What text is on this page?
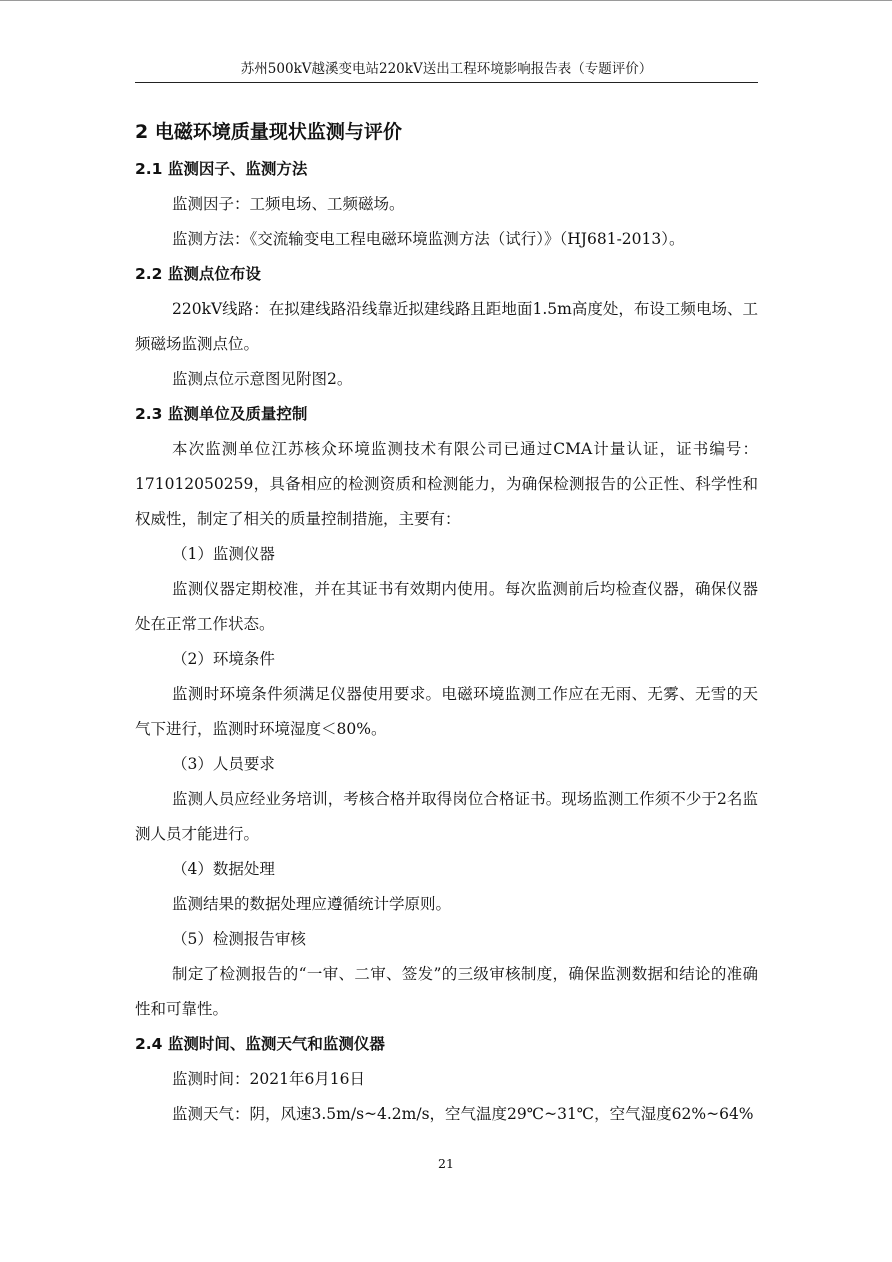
苏州500kV越溪变电站220kV送出工程环境影响报告表（专题评价）
2 电磁环境质量现状监测与评价
2.1 监测因子、监测方法

监测因子：工频电场、工频磁场。

监测方法：《交流输变电工程电磁环境监测方法（试行）》（HJ681-2013）。

2.2 监测点位布设

220kV线路：在拟建线路沿线靠近拟建线路且距地面1.5m高度处，布设工频电场、工频磁场监测点位。

监测点位示意图见附图2。

2.3 监测单位及质量控制

本次监测单位江苏核众环境监测技术有限公司已通过CMA计量认证，证书编号：171012050259，具备相应的检测资质和检测能力，为确保检测报告的公正性、科学性和权威性，制定了相关的质量控制措施，主要有：

（1）监测仪器

监测仪器定期校准，并在其证书有效期内使用。每次监测前后均检查仪器，确保仪器处在正常工作状态。

（2）环境条件

监测时环境条件须满足仪器使用要求。电磁环境监测工作应在无雨、无雾、无雪的天气下进行，监测时环境湿度＜80%。

（3）人员要求

监测人员应经业务培训，考核合格并取得岗位合格证书。现场监测工作须不少于2名监测人员才能进行。

（4）数据处理

监测结果的数据处理应遵循统计学原则。

（5）检测报告审核

制定了检测报告的“一审、二审、签发”的三级审核制度，确保监测数据和结论的准确性和可靠性。

2.4 监测时间、监测天气和监测仪器

监测时间：2021年6月16日

监测天气：阴，风速3.5m/s~4.2m/s，空气温度29℃~31℃，空气湿度62%~64%

21
